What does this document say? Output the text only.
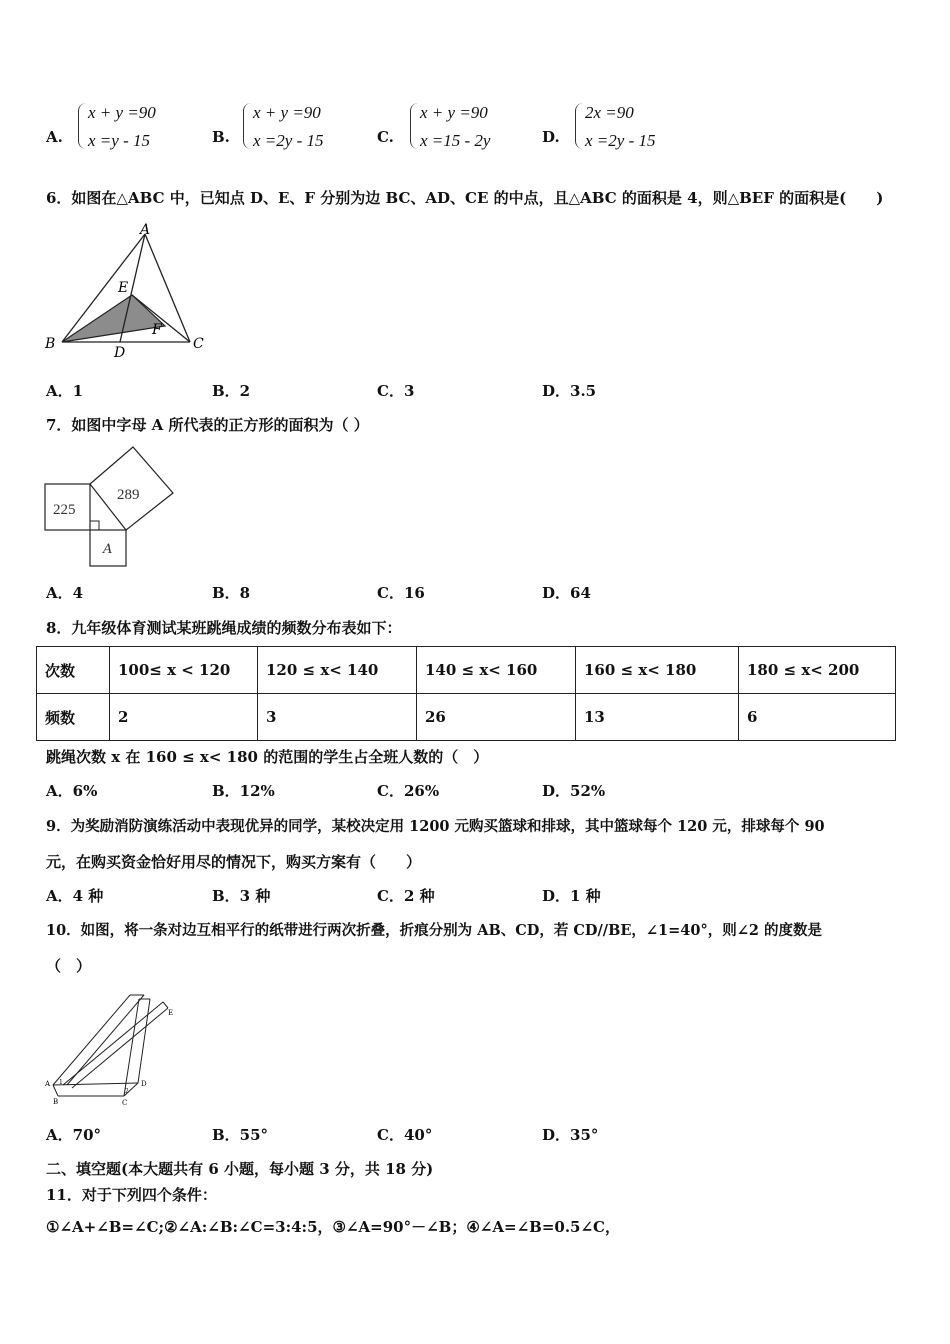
A.
x + y =90
x =y - 15	B.
x + y =90
x =2y - 15	C.
x + y =90
x =15 - 2y	D.
2x =90
x =2y - 15
6．如图在△ABC 中，已知点 D、E、F 分别为边 BC、AD、CE 的中点，且△ABC 的面积是 4，则△BEF 的面积是(　　)
A
B	C
D
E
F
A．1	B．2	C．3	D．3.5
7．如图中字母 A 所代表的正方形的面积为（ ）
225
289
A
A．4	B．8	C．16	D．64
8．九年级体育测试某班跳绳成绩的频数分布表如下：
次数	100≤ x < 120	120 ≤ x< 140	140 ≤ x< 160	160 ≤ x< 180	180 ≤ x< 200
频数	2	3	26	13	6
跳绳次数 x 在 160 ≤ x< 180 的范围的学生占全班人数的（　）
A．6%	B．12%	C．26%	D．52%
9．为奖励消防演练活动中表现优异的同学，某校决定用 1200 元购买篮球和排球，其中篮球每个 120 元，排球每个 90
元，在购买资金恰好用尽的情况下，购买方案有（　　）
A．4 种	B．3 种	C．2 种	D．1 种
10．如图，将一条对边互相平行的纸带进行两次折叠，折痕分别为 AB、CD，若 CD//BE，∠1=40°，则∠2 的度数是
（　）
A
B	C
D
E
1
2
A．70°	B．55°	C．40°	D．35°
二、填空题(本大题共有 6 小题，每小题 3 分，共 18 分)
11．对于下列四个条件：
①∠A+∠B=∠C;②∠A:∠B:∠C=3:4:5，③∠A=90°－∠B；④∠A=∠B=0.5∠C，
